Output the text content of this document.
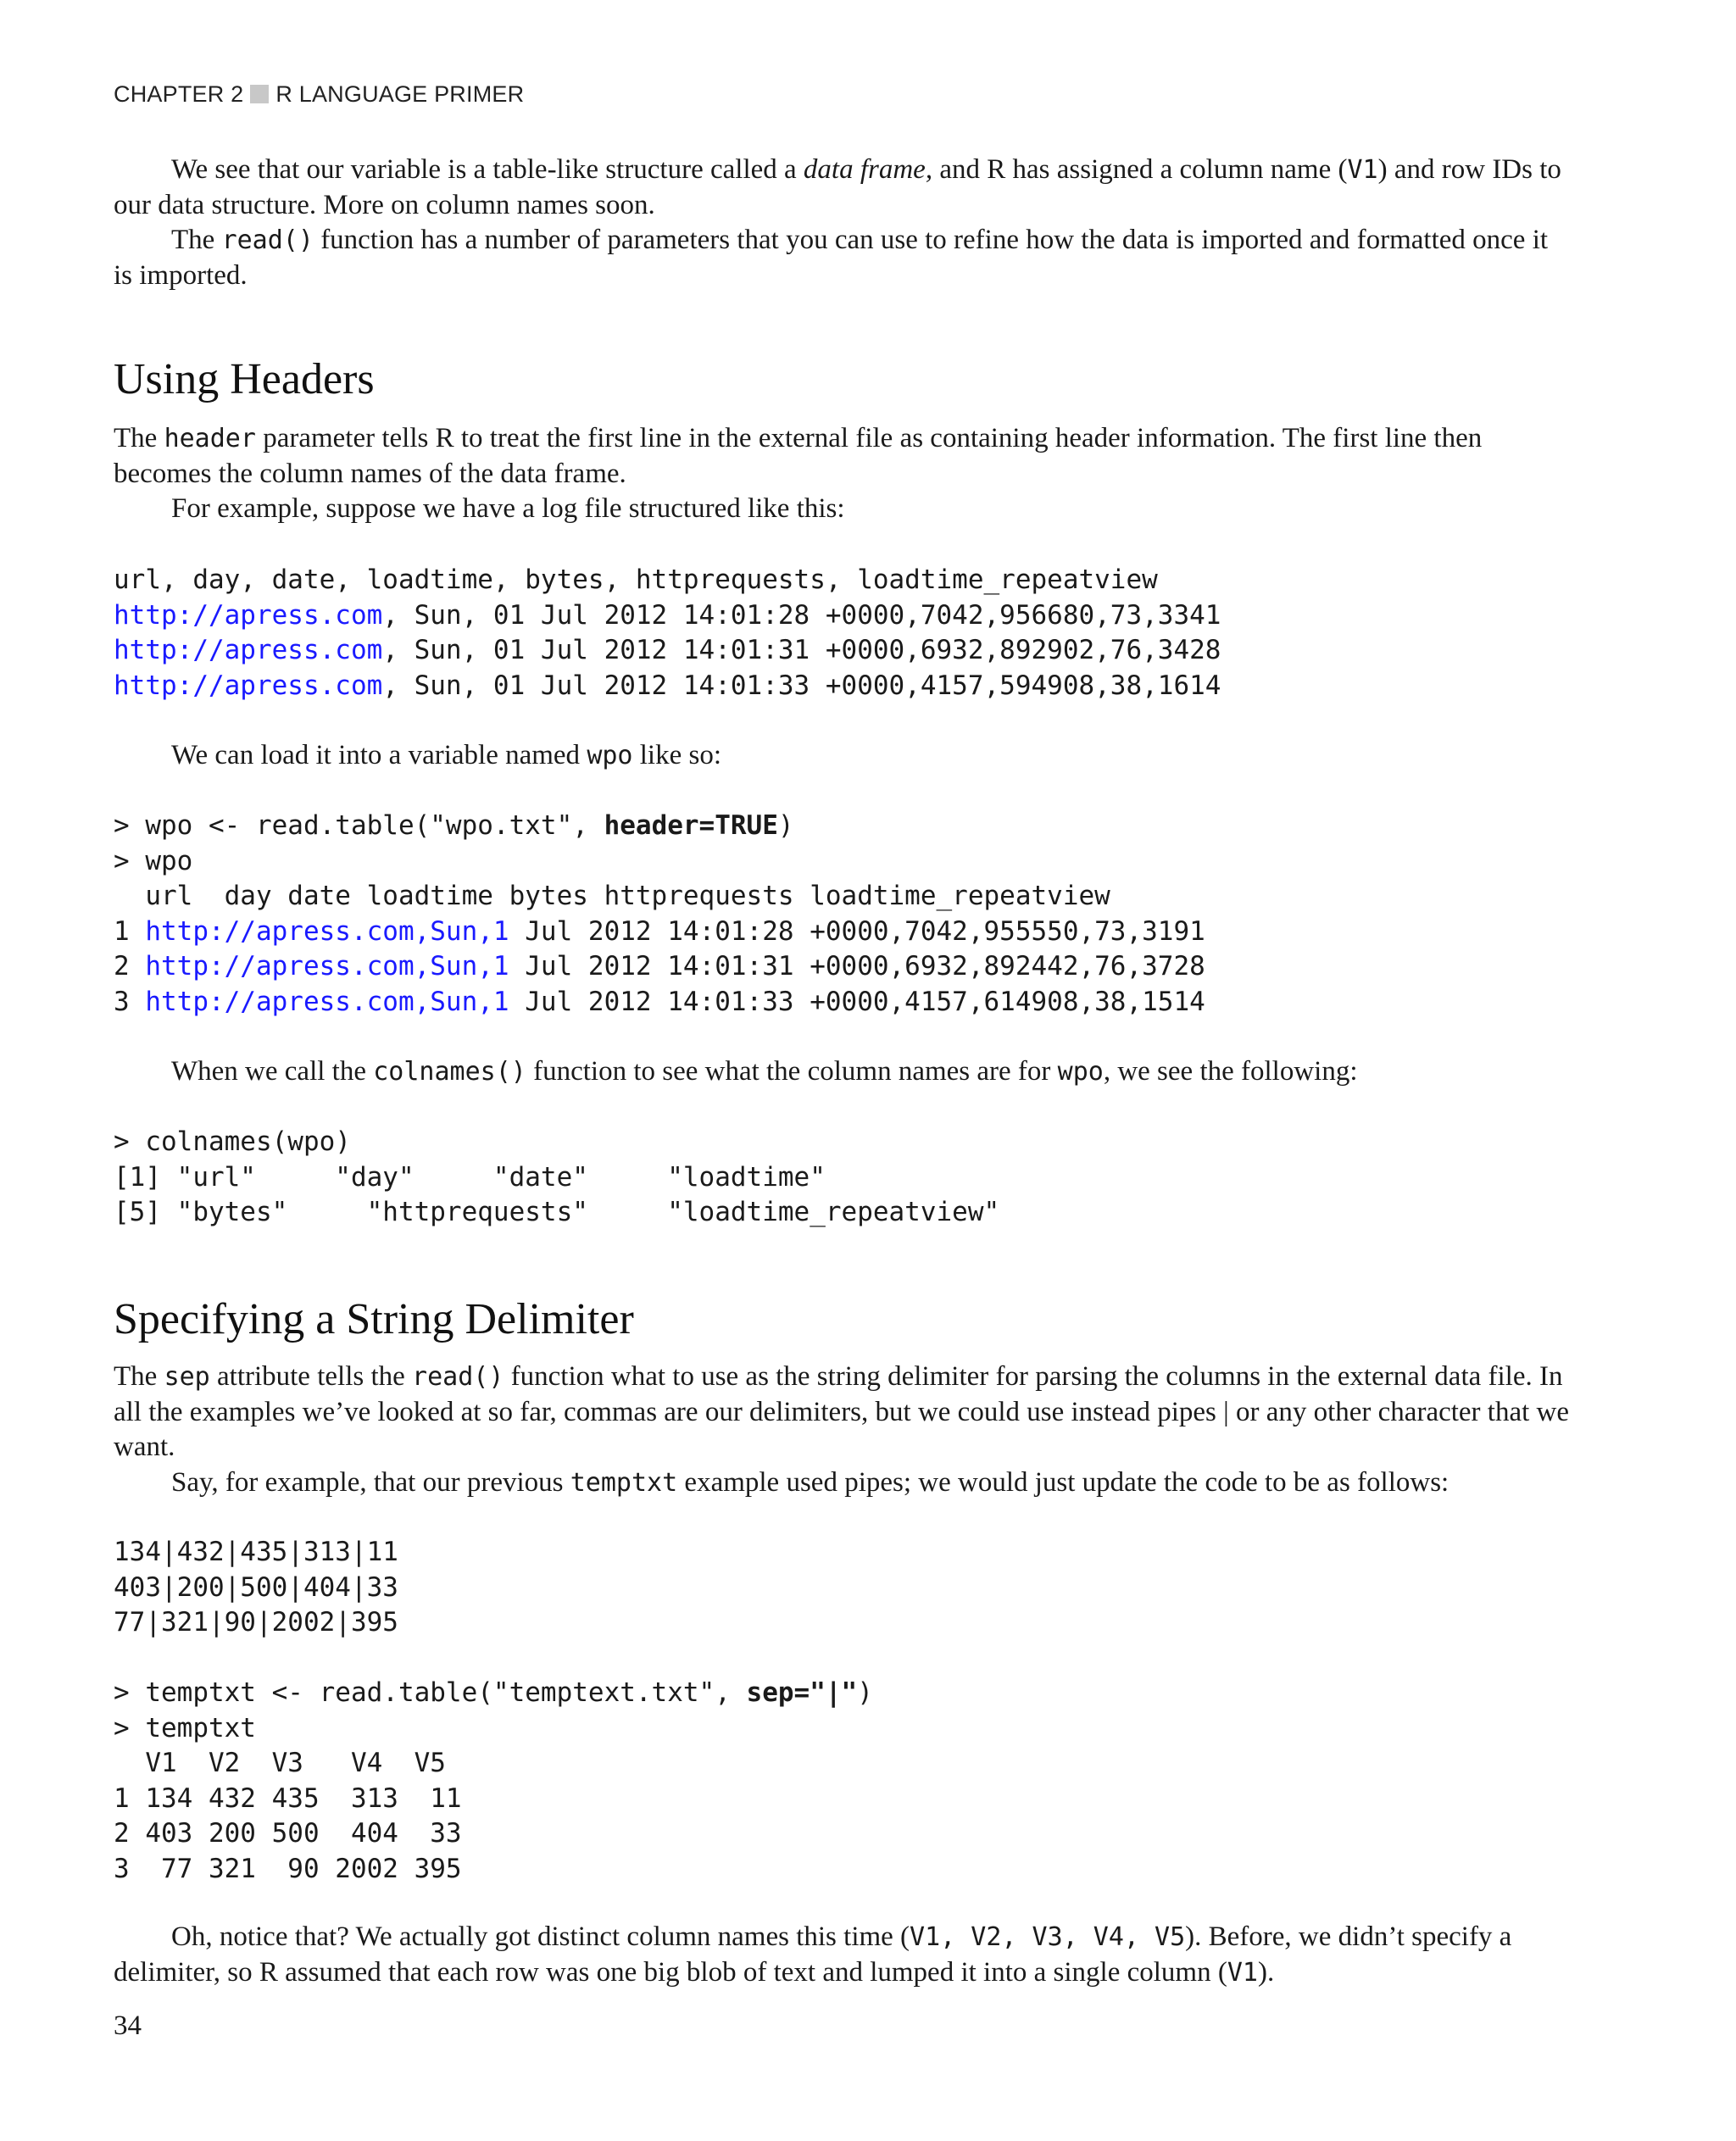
CHAPTER 2 R LANGUAGE PRIMER

We see that our variable is a table-like structure called a data frame, and R has assigned a column name (V1) and row IDs to our data structure. More on column names soon.

The read() function has a number of parameters that you can use to refine how the data is imported and formatted once it is imported.

Using Headers

The header parameter tells R to treat the first line in the external file as containing header information. The first line then becomes the column names of the data frame.

For example, suppose we have a log file structured like this:

url, day, date, loadtime, bytes, httprequests, loadtime_repeatview
http://apress.com, Sun, 01 Jul 2012 14:01:28 +0000,7042,956680,73,3341
http://apress.com, Sun, 01 Jul 2012 14:01:31 +0000,6932,892902,76,3428
http://apress.com, Sun, 01 Jul 2012 14:01:33 +0000,4157,594908,38,1614

We can load it into a variable named wpo like so:

> wpo <- read.table("wpo.txt", header=TRUE)
> wpo
url  day date loadtime bytes httprequests loadtime_repeatview
1 http://apress.com,Sun,1 Jul 2012 14:01:28 +0000,7042,955550,73,3191
2 http://apress.com,Sun,1 Jul 2012 14:01:31 +0000,6932,892442,76,3728
3 http://apress.com,Sun,1 Jul 2012 14:01:33 +0000,4157,614908,38,1514

When we call the colnames() function to see what the column names are for wpo, we see the following:

> colnames(wpo)
[1] "url"     "day"     "date"     "loadtime"
[5] "bytes"     "httprequests"     "loadtime_repeatview"
Specifying a String Delimiter

The sep attribute tells the read() function what to use as the string delimiter for parsing the columns in the external data file. In all the examples we’ve looked at so far, commas are our delimiters, but we could use instead pipes | or any other character that we want.

Say, for example, that our previous temptxt example used pipes; we would just update the code to be as follows:

134|432|435|313|11
403|200|500|404|33
77|321|90|2002|395
> temptxt <- read.table("temptext.txt", sep="|")
> temptxt
V1  V2  V3   V4  V5
1 134 432 435  313  11
2 403 200 500  404  33
3  77 321  90 2002 395

Oh, notice that? We actually got distinct column names this time (V1, V2, V3, V4, V5). Before, we didn’t specify a delimiter, so R assumed that each row was one big blob of text and lumped it into a single column (V1).

34
